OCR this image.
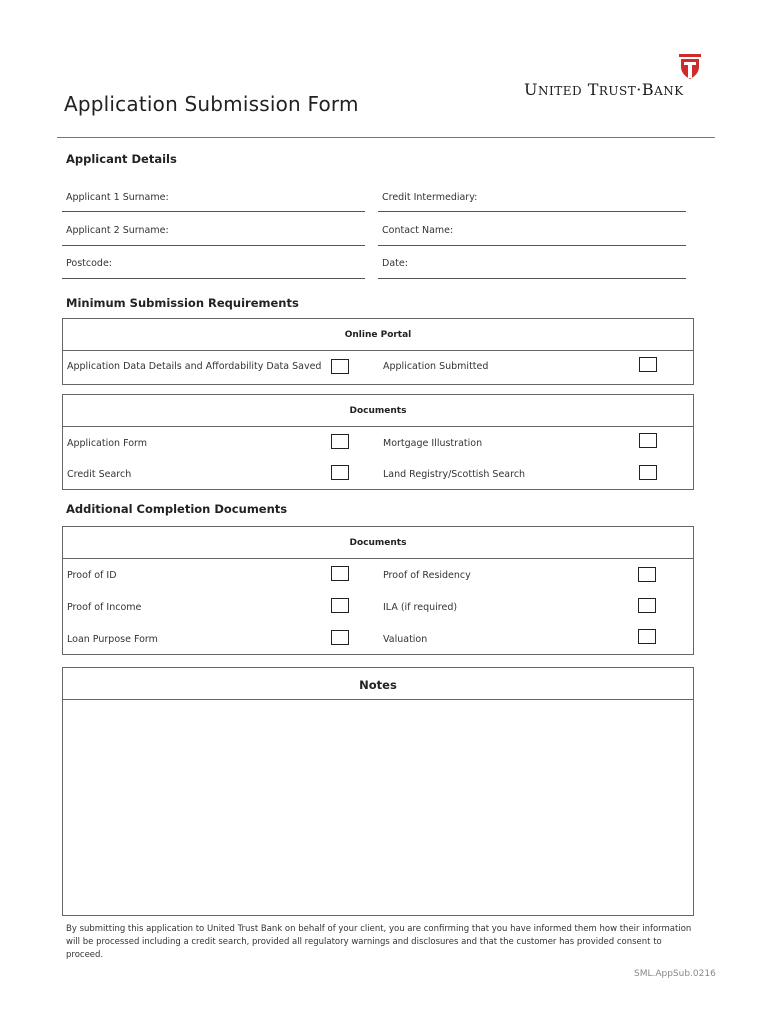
UNITED TRUST·BANK
Application Submission Form
Applicant Details
Applicant 1 Surname:	Credit Intermediary:
Applicant 2 Surname:	Contact Name:
Postcode:	Date:
Minimum Submission Requirements
Online Portal
Application Data Details and Affordability Data Saved	Application Submitted
Documents
Application Form	Mortgage Illustration
Credit Search	Land Registry/Scottish Search
Additional Completion Documents
Documents
Proof of ID	Proof of Residency
Proof of Income	ILA (if required)
Loan Purpose Form	Valuation
Notes
By submitting this application to United Trust Bank on behalf of your client, you are confirming that you have informed them how their information will be processed including a credit search, provided all regulatory warnings and disclosures and that the customer has provided consent to proceed.
SML.AppSub.0216
